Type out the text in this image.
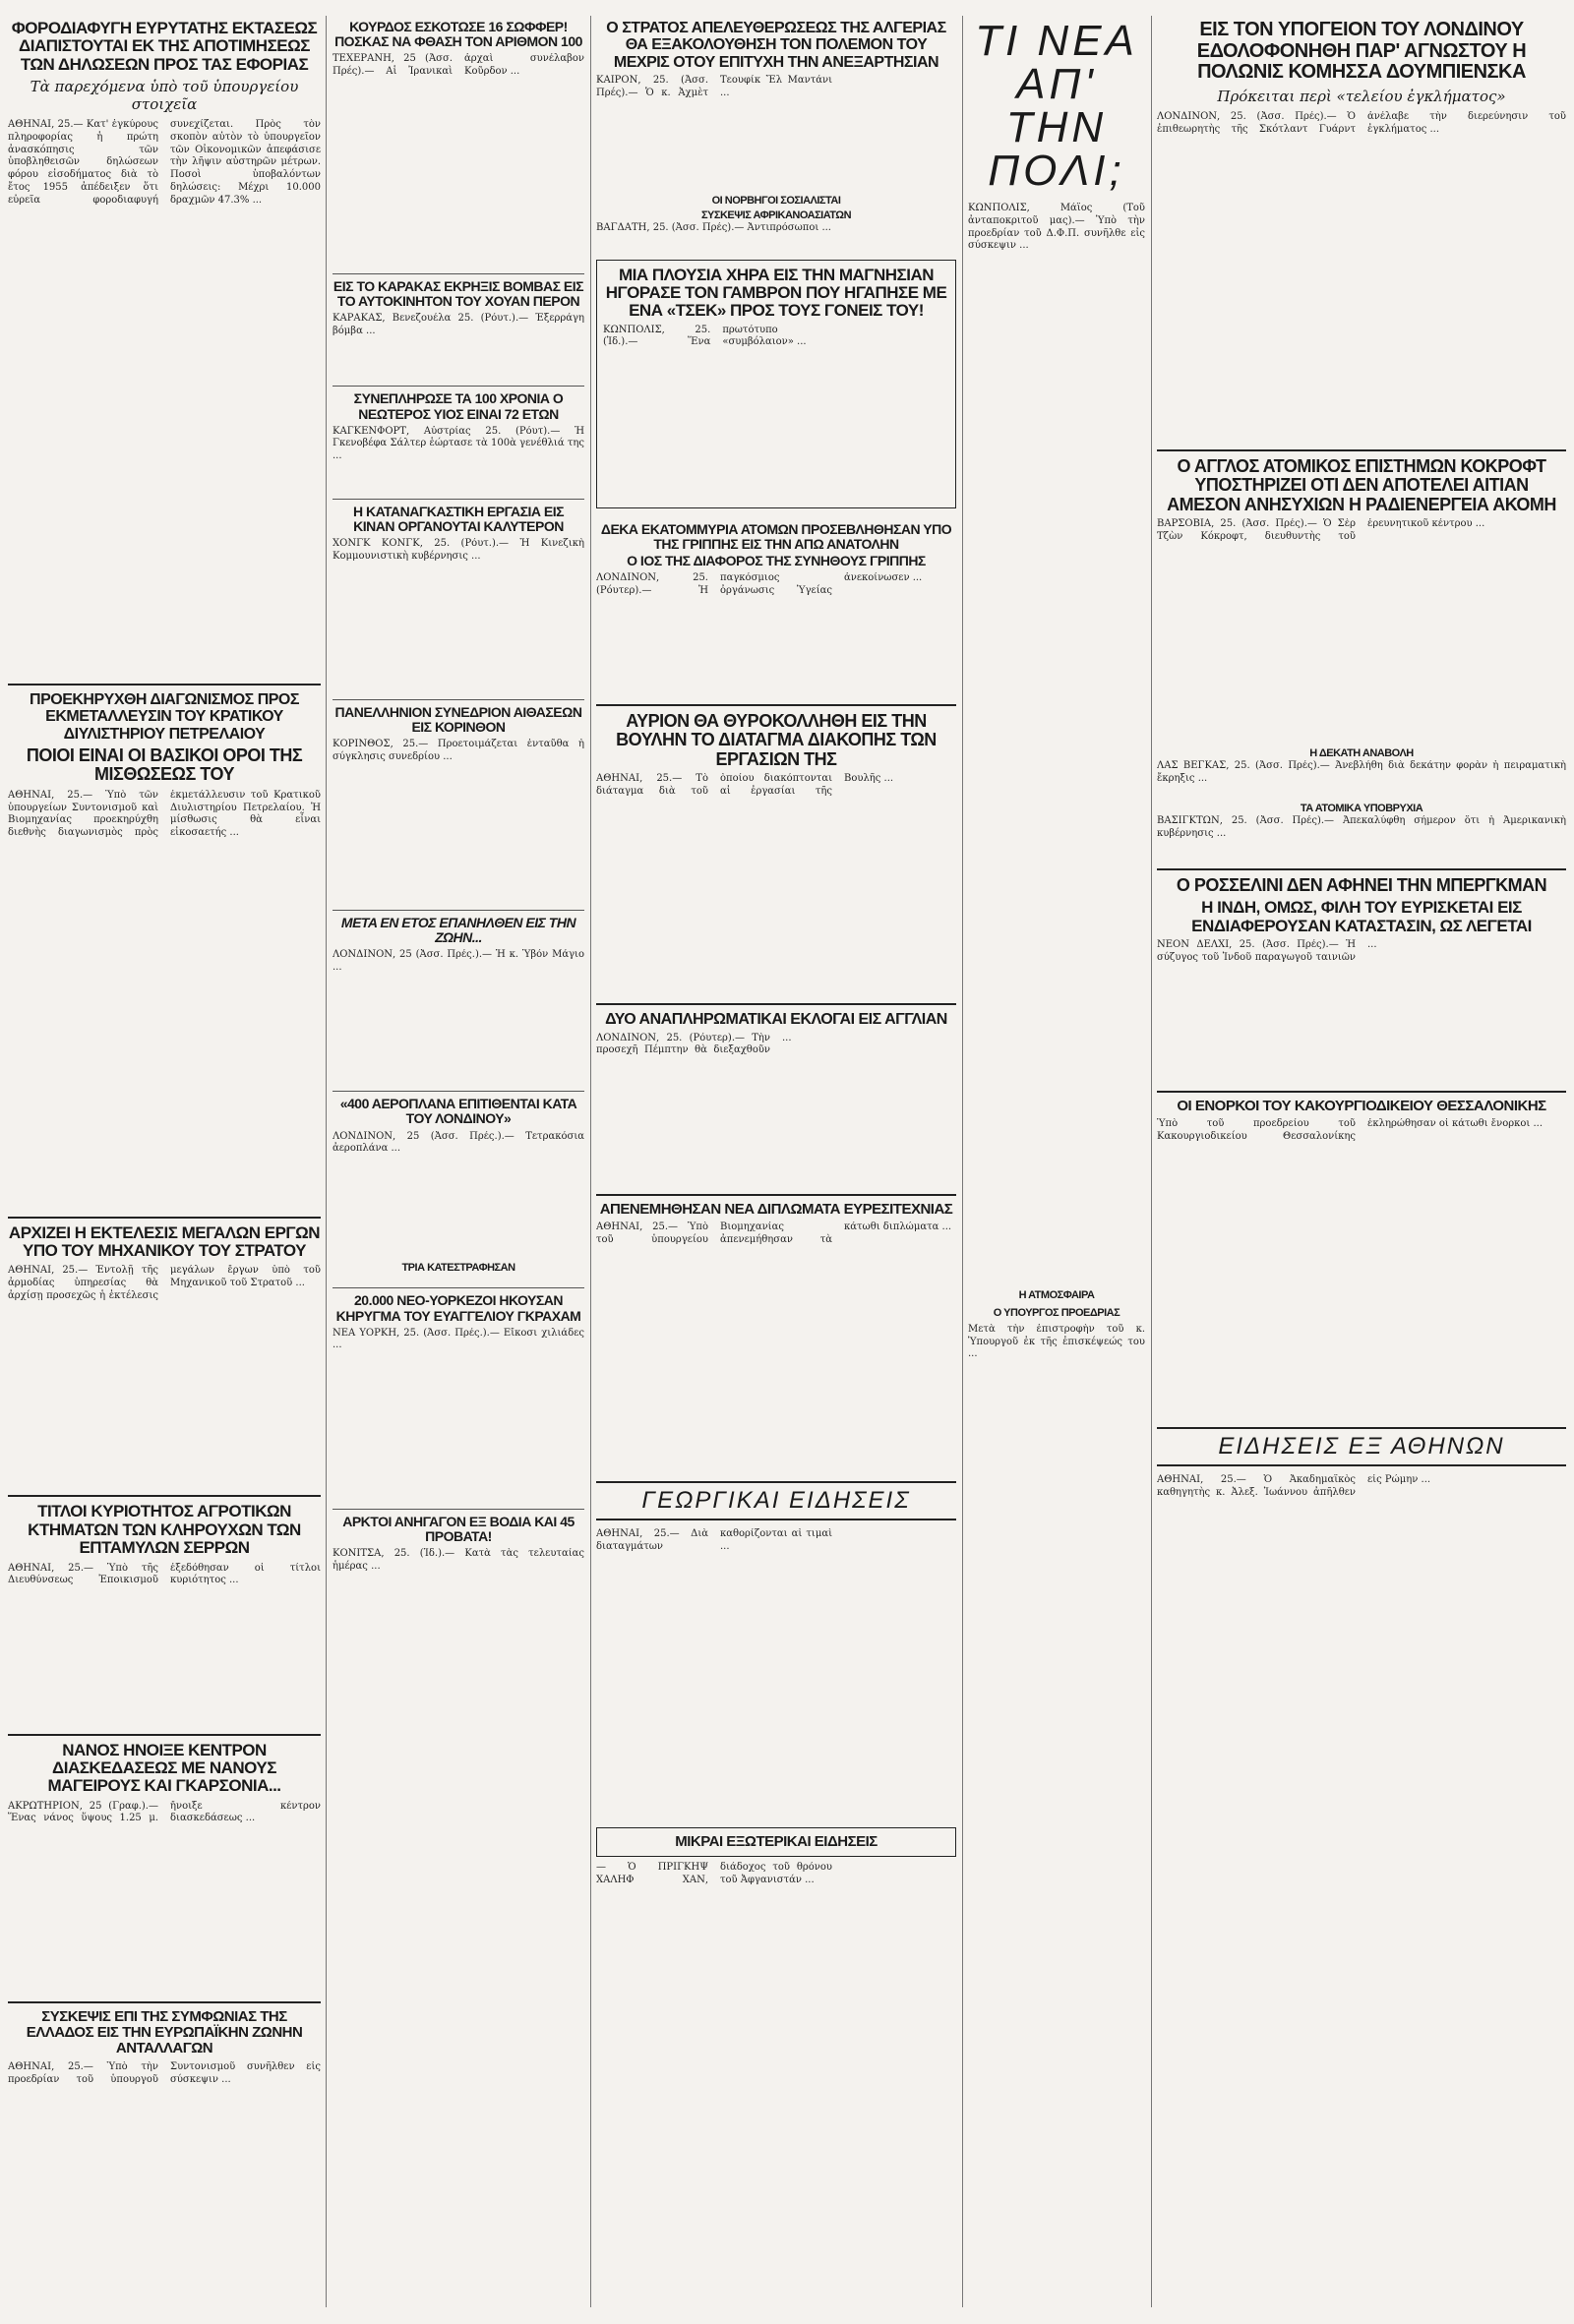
ΦΟΡΟΔΙΑΦΥΓΗ ΕΥΡΥΤΑΤΗΣ ΕΚΤΑΣΕΩΣ ΔΙΑΠΙΣΤΟΥΤΑΙ ΕΚ ΤΗΣ ΑΠΟΤΙΜΗΣΕΩΣ ΤΩΝ ΔΗΛΩΣΕΩΝ ΠΡΟΣ ΤΑΣ ΕΦΟΡΙΑΣ
Τὰ παρεχόμενα ὑπὸ τοῦ ὑπουργείου στοιχεῖα
ΑΘΗΝΑΙ, 25.— Κατ' ἐγκύρους πληροφορίας ἡ πρώτη ἀνασκόπησις τῶν ὑποβληθεισῶν δηλώσεων φόρου εἰσοδήματος διὰ τὸ ἔτος 1955 ἀπέδειξεν ὅτι εὐρεῖα φοροδιαφυγή συνεχίζεται. Πρὸς τὸν σκοπὸν αὐτὸν τὸ ὑπουργεῖον τῶν Οἰκονομικῶν ἀπεφάσισε τὴν λῆψιν αὐστηρῶν μέτρων. Ποσοὶ ὑποβαλόντων δηλώσεις: Μέχρι 10.000 δραχμῶν 47.3% ...
ΠΡΟΕΚΗΡΥΧΘΗ ΔΙΑΓΩΝΙΣΜΟΣ ΠΡΟΣ ΕΚΜΕΤΑΛΛΕΥΣΙΝ ΤΟΥ ΚΡΑΤΙΚΟΥ ΔΙΥΛΙΣΤΗΡΙΟΥ ΠΕΤΡΕΛΑΙΟΥ
ΠΟΙΟΙ ΕΙΝΑΙ ΟΙ ΒΑΣΙΚΟΙ ΟΡΟΙ ΤΗΣ ΜΙΣΘΩΣΕΩΣ ΤΟΥ
ΑΘΗΝΑΙ, 25.— Ὑπὸ τῶν ὑπουργείων Συντονισμοῦ καὶ Βιομηχανίας προεκηρύχθη διεθνὴς διαγωνισμὸς πρὸς ἐκμετάλλευσιν τοῦ Κρατικοῦ Διυλιστηρίου Πετρελαίου. Ἡ μίσθωσις θὰ εἶναι εἰκοσαετής ...
ΑΡΧΙΖΕΙ Η ΕΚΤΕΛΕΣΙΣ ΜΕΓΑΛΩΝ ΕΡΓΩΝ ΥΠΟ ΤΟΥ ΜΗΧΑΝΙΚΟΥ ΤΟΥ ΣΤΡΑΤΟΥ
ΑΘΗΝΑΙ, 25.— Ἐντολῇ τῆς ἀρμοδίας ὑπηρεσίας θὰ ἀρχίσῃ προσεχῶς ἡ ἐκτέλεσις μεγάλων ἔργων ὑπὸ τοῦ Μηχανικοῦ τοῦ Στρατοῦ ...
ΤΙΤΛΟΙ ΚΥΡΙΟΤΗΤΟΣ ΑΓΡΟΤΙΚΩΝ ΚΤΗΜΑΤΩΝ ΤΩΝ ΚΛΗΡΟΥΧΩΝ ΤΩΝ ΕΠΤΑΜΥΛΩΝ ΣΕΡΡΩΝ
ΑΘΗΝΑΙ, 25.— Ὑπὸ τῆς Διευθύνσεως Ἐποικισμοῦ ἐξεδόθησαν οἱ τίτλοι κυριότητος ...
ΝΑΝΟΣ ΗΝΟΙΞΕ ΚΕΝΤΡΟΝ ΔΙΑΣΚΕΔΑΣΕΩΣ ΜΕ ΝΑΝΟΥΣ ΜΑΓΕΙΡΟΥΣ ΚΑΙ ΓΚΑΡΣΟΝΙΑ...
ΑΚΡΩΤΗΡΙΟΝ, 25 (Γραφ.).— Ἕνας νάνος ὕψους 1.25 μ. ἤνοιξε κέντρον διασκεδάσεως ...
ΣΥΣΚΕΨΙΣ ΕΠΙ ΤΗΣ ΣΥΜΦΩΝΙΑΣ ΤΗΣ ΕΛΛΑΔΟΣ ΕΙΣ ΤΗΝ ΕΥΡΩΠΑΪΚΗΝ ΖΩΝΗΝ ΑΝΤΑΛΛΑΓΩΝ
ΑΘΗΝΑΙ, 25.— Ὑπὸ τὴν προεδρίαν τοῦ ὑπουργοῦ Συντονισμοῦ συνῆλθεν εἰς σύσκεψιν ...
ΚΟΥΡΔΟΣ ΕΣΚΟΤΩΣΕ 16 ΣΩΦΦΕΡ! ΠΟΣΚΑΣ ΝΑ ΦΘΑΣΗ ΤΟΝ ΑΡΙΘΜΟΝ 100
ΤΕΧΕΡΑΝΗ, 25 (Ἀσσ. Πρές).— Αἱ Ἰρανικαὶ ἀρχαὶ συνέλαβον Κοῦρδον ...
ΕΙΣ ΤΟ ΚΑΡΑΚΑΣ ΕΚΡΗΞΙΣ ΒΟΜΒΑΣ ΕΙΣ ΤΟ ΑΥΤΟΚΙΝΗΤΟΝ ΤΟΥ ΧΟΥΑΝ ΠΕΡΟΝ
ΚΑΡΑΚΑΣ, Βενεζουέλα 25. (Ρόυτ.).— Ἐξερράγη βόμβα ...
ΣΥΝΕΠΛΗΡΩΣΕ ΤΑ 100 ΧΡΟΝΙΑ Ο ΝΕΩΤΕΡΟΣ ΥΙΟΣ ΕΙΝΑΙ 72 ΕΤΩΝ
ΚΑΓΚΕΝΦΟΡΤ, Αὐστρίας 25. (Ρόυτ).— Ἡ Γκενοβέφα Σάλτερ ἑώρτασε τὰ 100ὰ γενέθλιά της ...
Η ΚΑΤΑΝΑΓΚΑΣΤΙΚΗ ΕΡΓΑΣΙΑ ΕΙΣ ΚΙΝΑΝ ΟΡΓΑΝΟΥΤΑΙ ΚΑΛΥΤΕΡΟΝ
ΧΟΝΓΚ ΚΟΝΓΚ, 25. (Ρόυτ.).— Ἡ Κινεζικὴ Κομμουνιστικὴ κυβέρνησις ...
ΠΑΝΕΛΛΗΝΙΟΝ ΣΥΝΕΔΡΙΟΝ ΑΙΘΑΣΕΩΝ ΕΙΣ ΚΟΡΙΝΘΟΝ
ΚΟΡΙΝΘΟΣ, 25.— Προετοιμάζεται ἐνταῦθα ἡ σύγκλησις συνεδρίου ...
ΜΕΤΑ ΕΝ ΕΤΟΣ ΕΠΑΝΗΛΘΕΝ ΕΙΣ ΤΗΝ ΖΩΗΝ...
ΛΟΝΔΙΝΟΝ, 25 (Ἀσσ. Πρές.).— Ἡ κ. Ὑβόν Μάγιο ...
«400 ΑΕΡΟΠΛΑΝΑ ΕΠΙΤΙΘΕΝΤΑΙ ΚΑΤΑ ΤΟΥ ΛΟΝΔΙΝΟΥ»
ΛΟΝΔΙΝΟΝ, 25 (Ἀσσ. Πρές.).— Τετρακόσια ἀεροπλάνα ...
ΤΡΙΑ ΚΑΤΕΣΤΡΑΦΗΣΑΝ
20.000 ΝΕΟ-ΥΟΡΚΕΖΟΙ ΗΚΟΥΣΑΝ ΚΗΡΥΓΜΑ ΤΟΥ ΕΥΑΓΓΕΛΙΟΥ ΓΚΡΑΧΑΜ
ΝΕΑ ΥΟΡΚΗ, 25. (Ἀσσ. Πρές.).— Εἴκοσι χιλιάδες ...
ΑΡΚΤΟΙ ΑΝΗΓΑΓΟΝ ΕΞ ΒΟΔΙΑ ΚΑΙ 45 ΠΡΟΒΑΤΑ!
ΚΟΝΙΤΣΑ, 25. (Ἰδ.).— Κατὰ τὰς τελευταίας ἡμέρας ...
Ο ΣΤΡΑΤΟΣ ΑΠΕΛΕΥΘΕΡΩΣΕΩΣ ΤΗΣ ΑΛΓΕΡΙΑΣ ΘΑ ΕΞΑΚΟΛΟΥΘΗΣΗ ΤΟΝ ΠΟΛΕΜΟΝ ΤΟΥ ΜΕΧΡΙΣ ΟΤΟΥ ΕΠΙΤΥΧΗ ΤΗΝ ΑΝΕΞΑΡΤΗΣΙΑΝ
ΚΑΪΡΟΝ, 25. (Ἀσσ. Πρές).— Ὁ κ. Ἀχμὲτ Τεουφίκ Ἔλ Μαντάνι ...
ΟΙ ΝΟΡΒΗΓΟΙ ΣΟΣΙΑΛΙΣΤΑΙ
ΣΥΣΚΕΨΙΣ ΑΦΡΙΚΑΝΟΑΣΙΑΤΩΝ
ΒΑΓΔΑΤΗ, 25. (Ἀσσ. Πρές).— Ἀντιπρόσωποι ...
ΜΙΑ ΠΛΟΥΣΙΑ ΧΗΡΑ ΕΙΣ ΤΗΝ ΜΑΓΝΗΣΙΑΝ ΗΓΟΡΑΣΕ ΤΟΝ ΓΑΜΒΡΟΝ ΠΟΥ ΗΓΑΠΗΣΕ ΜΕ ΕΝΑ «ΤΣΕΚ» ΠΡΟΣ ΤΟΥΣ ΓΟΝΕΙΣ ΤΟΥ!
ΚΩΝΠΟΛΙΣ, 25. (Ἰδ.).— Ἕνα πρωτότυπο «συμβόλαιον» ...
ΔΕΚΑ ΕΚΑΤΟΜΜΥΡΙΑ ΑΤΟΜΩΝ ΠΡΟΣΕΒΛΗΘΗΣΑΝ ΥΠΟ ΤΗΣ ΓΡΙΠΠΗΣ ΕΙΣ ΤΗΝ ΑΠΩ ΑΝΑΤΟΛΗΝ
Ο ΙΟΣ ΤΗΣ ΔΙΑΦΟΡΟΣ ΤΗΣ ΣΥΝΗΘΟΥΣ ΓΡΙΠΠΗΣ
ΛΟΝΔΙΝΟΝ, 25. (Ρόυτερ).— Ἡ παγκόσμιος ὀργάνωσις Ὑγείας ἀνεκοίνωσεν ...
ΑΥΡΙΟΝ ΘΑ ΘΥΡΟΚΟΛΛΗΘΗ ΕΙΣ ΤΗΝ ΒΟΥΛΗΝ ΤΟ ΔΙΑΤΑΓΜΑ ΔΙΑΚΟΠΗΣ ΤΩΝ ΕΡΓΑΣΙΩΝ ΤΗΣ
ΑΘΗΝΑΙ, 25.— Τὸ διάταγμα διὰ τοῦ ὁποίου διακόπτονται αἱ ἐργασίαι τῆς Βουλῆς ...
ΔΥΟ ΑΝΑΠΛΗΡΩΜΑΤΙΚΑΙ ΕΚΛΟΓΑΙ ΕΙΣ ΑΓΓΛΙΑΝ
ΛΟΝΔΙΝΟΝ, 25. (Ρόυτερ).— Τὴν προσεχῆ Πέμπτην θὰ διεξαχθοῦν ...
ΑΠΕΝΕΜΗΘΗΣΑΝ ΝΕΑ ΔΙΠΛΩΜΑΤΑ ΕΥΡΕΣΙΤΕΧΝΙΑΣ
ΑΘΗΝΑΙ, 25.— Ὑπὸ τοῦ ὑπουργείου Βιομηχανίας ἀπενεμήθησαν τὰ κάτωθι διπλώματα ...
ΓΕΩΡΓΙΚΑΙ ΕΙΔΗΣΕΙΣ
ΑΘΗΝΑΙ, 25.— Διὰ διαταγμάτων καθορίζονται αἱ τιμαὶ ...
ΜΙΚΡΑΙ ΕΞΩΤΕΡΙΚΑΙ ΕΙΔΗΣΕΙΣ
— Ὁ ΠΡΙΓΚΗΨ ΧΑΛΗΦ ΧΑΝ, διάδοχος τοῦ θρόνου τοῦ Ἀφγανιστάν ...
ΤΙ ΝΕΑ ΑΠ' ΤΗΝ ΠΟΛΙ;
ΚΩΝΠΟΛΙΣ, Μάϊος (Τοῦ ἀνταποκριτοῦ μας).— Ὑπὸ τὴν προεδρίαν τοῦ Δ.Φ.Π. συνῆλθε εἰς σύσκεψιν ...
Η ΑΤΜΟΣΦΑΙΡΑ
Ο ΥΠΟΥΡΓΟΣ ΠΡΟΕΔΡΙΑΣ
Μετὰ τὴν ἐπιστροφὴν τοῦ κ. Ὑπουργοῦ ἐκ τῆς ἐπισκέψεώς του ...
ΕΙΣ ΤΟΝ ΥΠΟΓΕΙΟΝ ΤΟΥ ΛΟΝΔΙΝΟΥ ΕΔΟΛΟΦΟΝΗΘΗ ΠΑΡ' ΑΓΝΩΣΤΟΥ Η ΠΟΛΩΝΙΣ ΚΟΜΗΣΣΑ ΔΟΥΜΠΙΕΝΣΚΑ
Πρόκειται περὶ «τελείου ἐγκλήματος»
ΛΟΝΔΙΝΟΝ, 25. (Ἀσσ. Πρές).— Ὁ ἐπιθεωρητὴς τῆς Σκότλαντ Γυάρντ ἀνέλαβε τὴν διερεύνησιν τοῦ ἐγκλήματος ...
Ο ΑΓΓΛΟΣ ΑΤΟΜΙΚΟΣ ΕΠΙΣΤΗΜΩΝ ΚΟΚΡΟΦΤ ΥΠΟΣΤΗΡΙΖΕΙ ΟΤΙ ΔΕΝ ΑΠΟΤΕΛΕΙ ΑΙΤΙΑΝ ΑΜΕΣΟΝ ΑΝΗΣΥΧΙΩΝ Η ΡΑΔΙΕΝΕΡΓΕΙΑ ΑΚΟΜΗ
ΒΑΡΣΟΒΙΑ, 25. (Ἀσσ. Πρές).— Ὁ Σὲρ Τζὼν Κόκροφτ, διευθυντὴς τοῦ ἐρευνητικοῦ κέντρου ...
Η ΔΕΚΑΤΗ ΑΝΑΒΟΛΗ
ΛΑΣ ΒΕΓΚΑΣ, 25. (Ἀσσ. Πρές).— Ἀνεβλήθη διὰ δεκάτην φορὰν ἡ πειραματικὴ ἔκρηξις ...
ΤΑ ΑΤΟΜΙΚΑ ΥΠΟΒΡΥΧΙΑ
ΒΑΣΙΓΚΤΩΝ, 25. (Ἀσσ. Πρές).— Ἀπεκαλύφθη σήμερον ὅτι ἡ Ἀμερικανικὴ κυβέρνησις ...
Ο ΡΟΣΣΕΛΙΝΙ ΔΕΝ ΑΦΗΝΕΙ ΤΗΝ ΜΠΕΡΓΚΜΑΝ
Η ΙΝΔΗ, ΟΜΩΣ, ΦΙΛΗ ΤΟΥ ΕΥΡΙΣΚΕΤΑΙ ΕΙΣ ΕΝΔΙΑΦΕΡΟΥΣΑΝ ΚΑΤΑΣΤΑΣΙΝ, ΩΣ ΛΕΓΕΤΑΙ
ΝΕΟΝ ΔΕΛΧΙ, 25. (Ἀσσ. Πρές).— Ἡ σύζυγος τοῦ Ἰνδοῦ παραγωγοῦ ταινιῶν ...
ΟΙ ΕΝΟΡΚΟΙ ΤΟΥ ΚΑΚΟΥΡΓΙΟΔΙΚΕΙΟΥ ΘΕΣΣΑΛΟΝΙΚΗΣ
Ὑπὸ τοῦ προεδρείου τοῦ Κακουργιοδικείου Θεσσαλονίκης ἐκληρώθησαν οἱ κάτωθι ἔνορκοι ...
ΕΙΔΗΣΕΙΣ ΕΞ ΑΘΗΝΩΝ
ΑΘΗΝΑΙ, 25.— Ὁ Ἀκαδημαϊκὸς καθηγητὴς κ. Ἀλεξ. Ἰωάννου ἀπῆλθεν εἰς Ρώμην ...
